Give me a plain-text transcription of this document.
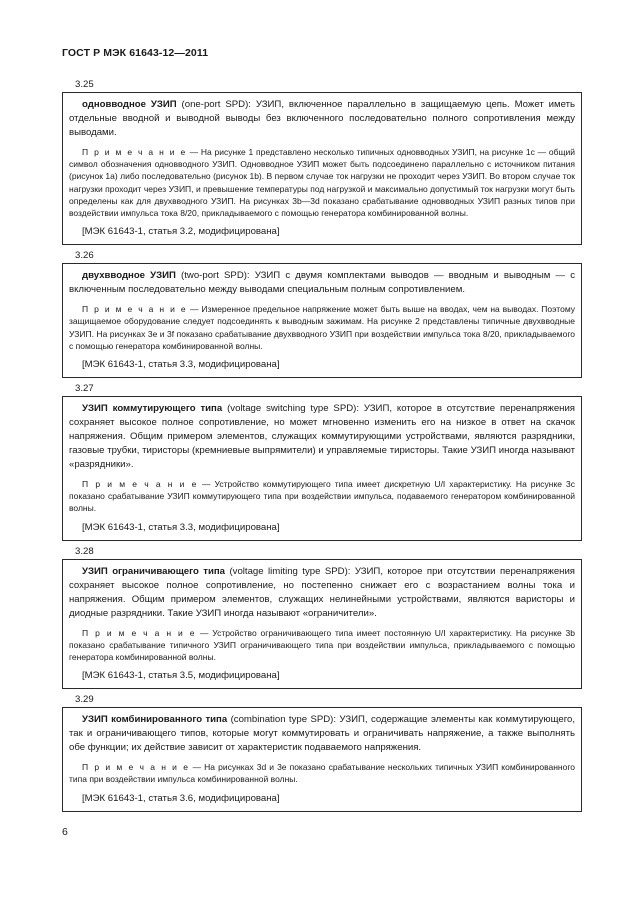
ГОСТ Р МЭК 61643-12—2011
3.25

одновводное УЗИП (one-port SPD): УЗИП, включенное параллельно в защищаемую цепь. Может иметь отдельные вводной и выводной выводы без включенного последовательно полного сопротивления между выводами.

П р и м е ч а н и е — На рисунке 1 представлено несколько типичных одновводных УЗИП, на рисунке 1с — общий символ обозначения одновводного УЗИП. Одновводное УЗИП может быть подсоединено параллельно с источником питания (рисунок 1а) либо последовательно (рисунок 1b). В первом случае ток нагрузки не проходит через УЗИП. Во втором случае ток нагрузки проходит через УЗИП, и превышение температуры под нагрузкой и максимально допустимый ток нагрузки могут быть определены как для двухвводного УЗИП. На рисунках 3b—3d показано срабатывание одновводных УЗИП разных типов при воздействии импульса тока 8/20, прикладываемого с помощью генератора комбинированной волны.

[МЭК 61643-1, статья 3.2, модифицирована]

3.26

двухвводное УЗИП (two-port SPD): УЗИП с двумя комплектами выводов — вводным и выводным — с включенным последовательно между выводами специальным полным сопротивлением.

П р и м е ч а н и е — Измеренное предельное напряжение может быть выше на вводах, чем на выводах. Поэтому защищаемое оборудование следует подсоединять к выводным зажимам. На рисунке 2 представлены типичные двухвводные УЗИП. На рисунках 3е и 3f показано срабатывание двухвводного УЗИП при воздействии импульса тока 8/20, прикладываемого с помощью генератора комбинированной волны.

[МЭК 61643-1, статья 3.3, модифицирована]

3.27

УЗИП коммутирующего типа (voltage switching type SPD): УЗИП, которое в отсутствие перенапряжения сохраняет высокое полное сопротивление, но может мгновенно изменить его на низкое в ответ на скачок напряжения. Общим примером элементов, служащих коммутирующими устройствами, являются разрядники, газовые трубки, тиристоры (кремниевые выпрямители) и управляемые тиристоры. Такие УЗИП иногда называют «разрядники».

П р и м е ч а н и е — Устройство коммутирующего типа имеет дискретную U/I характеристику. На рисунке 3с показано срабатывание УЗИП коммутирующего типа при воздействии импульса, подаваемого генератором комбинированной волны.

[МЭК 61643-1, статья 3.3, модифицирована]

3.28

УЗИП ограничивающего типа (voltage limiting type SPD): УЗИП, которое при отсутствии перенапряжения сохраняет высокое полное сопротивление, но постепенно снижает его с возрастанием волны тока и напряжения. Общим примером элементов, служащих нелинейными устройствами, являются варисторы и диодные разрядники. Такие УЗИП иногда называют «ограничители».

П р и м е ч а н и е — Устройство ограничивающего типа имеет постоянную U/I характеристику. На рисунке 3b показано срабатывание типичного УЗИП ограничивающего типа при воздействии импульса, прикладываемого с помощью генератора комбинированной волны.

[МЭК 61643-1, статья 3.5, модифицирована]

3.29

УЗИП комбинированного типа (combination type SPD): УЗИП, содержащие элементы как коммутирующего, так и ограничивающего типов, которые могут коммутировать и ограничивать напряжение, а также выполнять обе функции; их действие зависит от характеристик подаваемого напряжения.

П р и м е ч а н и е — На рисунках 3d и 3е показано срабатывание нескольких типичных УЗИП комбинированного типа при воздействии импульса комбинированной волны.

[МЭК 61643-1, статья 3.6, модифицирована]

6
